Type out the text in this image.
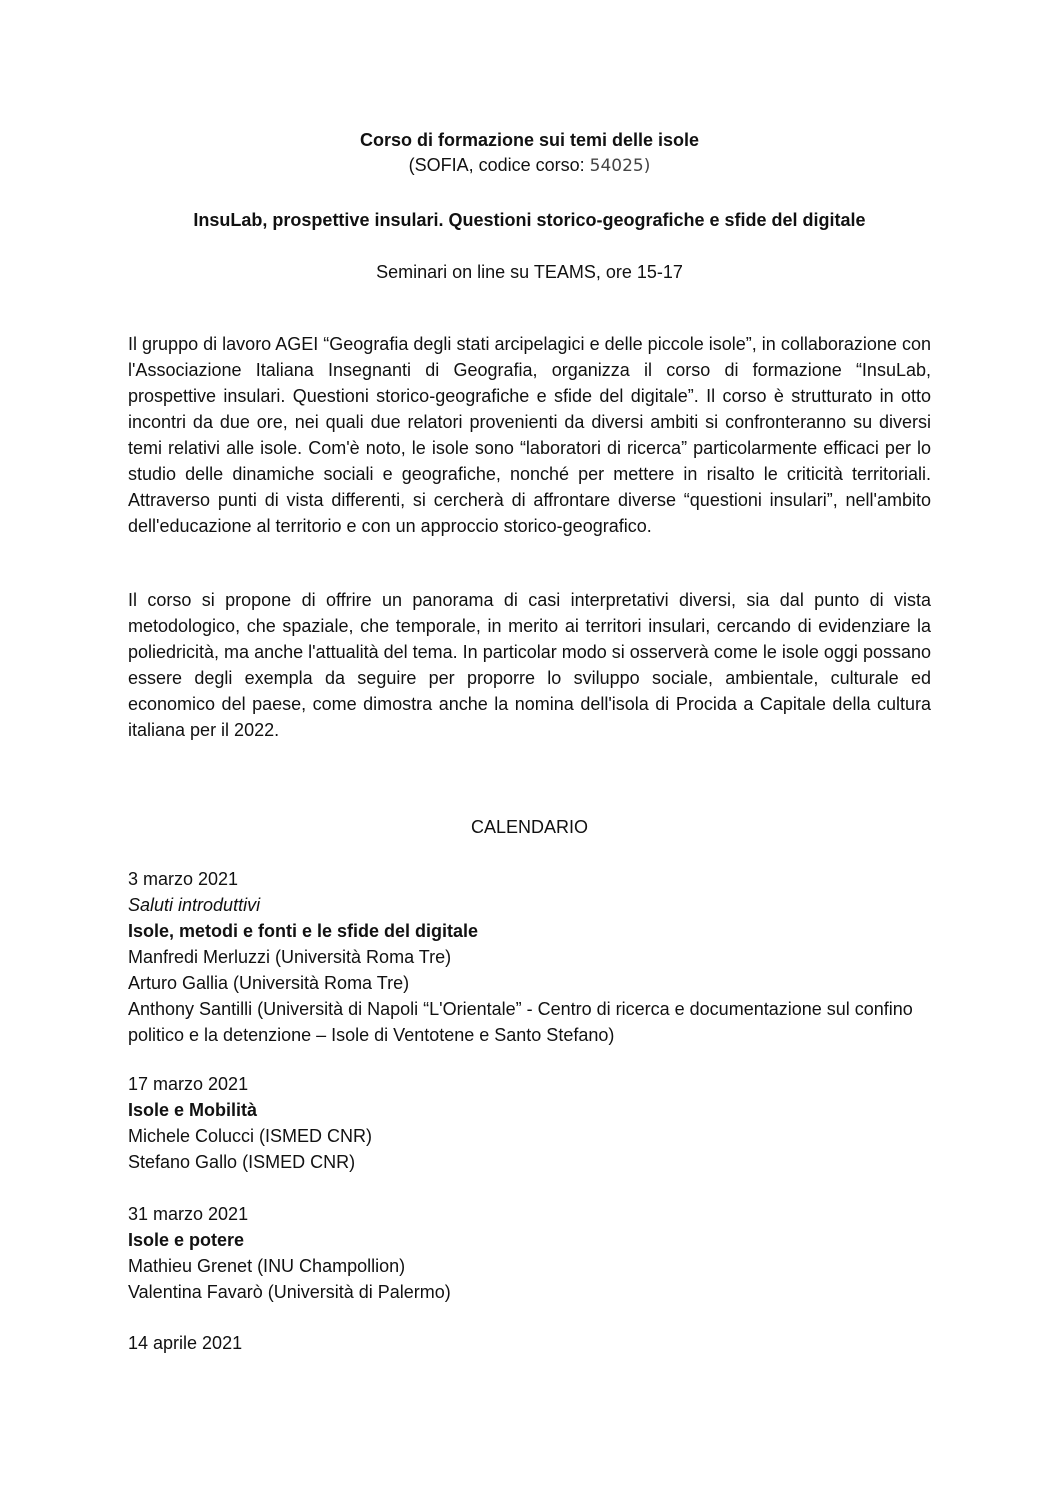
Corso di formazione sui temi delle isole
(SOFIA, codice corso: 54025)
InsuLab, prospettive insulari. Questioni storico-geografiche e sfide del digitale
Seminari on line su TEAMS, ore 15-17
Il gruppo di lavoro AGEI “Geografia degli stati arcipelagici e delle piccole isole”, in collaborazione con l'Associazione Italiana Insegnanti di Geografia, organizza il corso di formazione “InsuLab, prospettive insulari. Questioni storico-geografiche e sfide del digitale”. Il corso è strutturato in otto incontri da due ore, nei quali due relatori provenienti da diversi ambiti si confronteranno su diversi temi relativi alle isole. Com'è noto, le isole sono “laboratori di ricerca” particolarmente efficaci per lo studio delle dinamiche sociali e geografiche, nonché per mettere in risalto le criticità territoriali. Attraverso punti di vista differenti, si cercherà di affrontare diverse “questioni insulari”, nell'ambito dell'educazione al territorio e con un approccio storico-geografico.
Il corso si propone di offrire un panorama di casi interpretativi diversi, sia dal punto di vista metodologico, che spaziale, che temporale, in merito ai territori insulari, cercando di evidenziare la poliedricità, ma anche l'attualità del tema. In particolar modo si osserverà come le isole oggi possano essere degli exempla da seguire per proporre lo sviluppo sociale, ambientale, culturale ed economico del paese, come dimostra anche la nomina dell'isola di Procida a Capitale della cultura italiana per il 2022.
CALENDARIO
3 marzo 2021
Saluti introduttivi
Isole, metodi e fonti e le sfide del digitale
Manfredi Merluzzi (Università Roma Tre)
Arturo Gallia (Università Roma Tre)
Anthony Santilli (Università di Napoli “L'Orientale” - Centro di ricerca e documentazione sul confino politico e la detenzione – Isole di Ventotene e Santo Stefano)
17 marzo 2021
Isole e Mobilità
Michele Colucci (ISMED CNR)
Stefano Gallo (ISMED CNR)
31 marzo 2021
Isole e potere
Mathieu Grenet (INU Champollion)
Valentina Favarò (Università di Palermo)
14 aprile 2021
